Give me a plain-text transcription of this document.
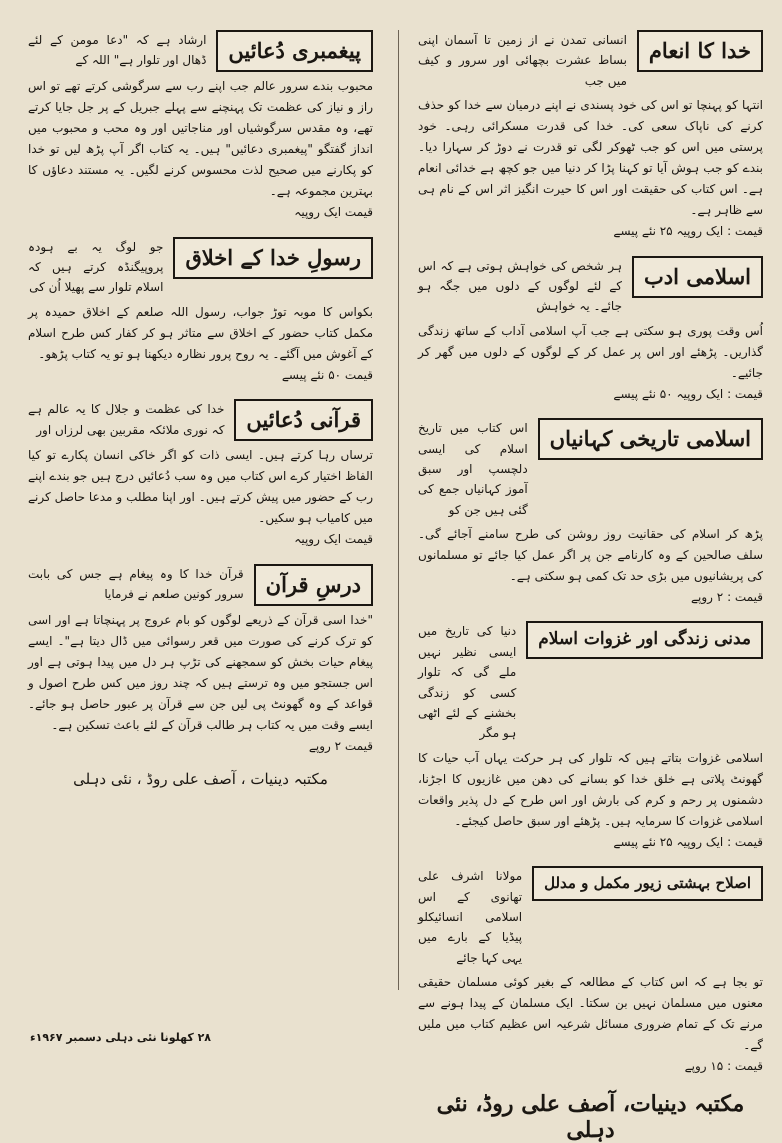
خدا کا انعام
انسانی تمدن نے از زمین تا آسمان اپنی بساط عشرت بچھائی اور سرور و کیف میں جب
انتہا کو پہنچا تو اس کی خود پسندی نے اپنے درمیان سے خدا کو حذف کرنے کی ناپاک سعی کی۔ خدا کی قدرت مسکرائی رہی۔ خود پرستی میں اس کو جب ٹھوکر لگی تو قدرت نے دوڑ کر سہارا دیا۔ بندے کو جب ہوش آیا تو کہنا پڑا کر دنیا میں جو کچھ ہے خدائی انعام ہے۔ اس کتاب کی حقیقت اور اس کا حیرت انگیز اثر اس کے نام ہی سے ظاہر ہے۔
قیمت : ایک روپیہ ۲۵ نئے پیسے
اسلامی ادب
ہر شخص کی خواہش ہوتی ہے کہ اس کے لئے لوگوں کے دلوں میں جگہ ہو جائے۔ یہ خواہش
اُس وقت پوری ہو سکتی ہے جب آپ اسلامی آداب کے ساتھ زندگی گذاریں۔ پڑھئے اور اس پر عمل کر کے لوگوں کے دلوں میں گھر کر جائیے۔
قیمت : ایک روپیہ ۵۰ نئے پیسے
اسلامی تاریخی کہانیاں
اس کتاب میں تاریخ اسلام کی ایسی دلچسپ اور سبق آموز کہانیاں جمع کی گئی ہیں جن کو
پڑھ کر اسلام کی حقانیت روز روشن کی طرح سامنے آجائے گی۔ سلف صالحین کے وہ کارنامے جن پر اگر عمل کیا جائے تو مسلمانوں کی پریشانیوں میں بڑی حد تک کمی ہو سکتی ہے۔
قیمت : ۲ روپے
مدنی زندگی اور غزوات اسلام
دنیا کی تاریخ میں ایسی نظیر نہیں ملے گی کہ تلوار کسی کو زندگی بخشنے کے لئے اٹھی ہو مگر
اسلامی غزوات بتاتے ہیں کہ تلوار کی ہر حرکت یہاں آب حیات کا گھونٹ پلاتی ہے خلق خدا کو بسانے کی دھن میں غازیوں کا اجڑنا، دشمنوں پر رحم و کرم کی بارش اور اس طرح کے دل پذیر واقعات اسلامی غزوات کا سرمایہ ہیں۔ پڑھئے اور سبق حاصل کیجئے۔
قیمت : ایک روپیہ ۲۵ نئے پیسے
اصلاح بہشتی زیور مکمل و مدلل
مولانا اشرف علی تھانوی کے اس اسلامی انسائیکلو پیڈیا کے بارے میں یہی کہا جائے
تو بجا ہے کہ اس کتاب کے مطالعہ کے بغیر کوئی مسلمان حقیقی معنوں میں مسلمان نہیں بن سکتا۔ ایک مسلمان کے پیدا ہونے سے مرنے تک کے تمام ضروری مسائل شرعیہ اس عظیم کتاب میں ملیں گے۔
قیمت : ۱۵ روپے
مکتبہ دینیات، آصف علی روڈ، نئی دہلی
پیغمبری دُعائیں
ارشاد ہے کہ "دعا مومن کے لئے ڈھال اور تلوار ہے" اللہ کے
محبوب بندے سرور عالم جب اپنے رب سے سرگوشی کرتے تھے تو اس راز و نیاز کی عظمت تک پہنچنے سے پہلے جبریل کے پر جل جایا کرتے تھے، وہ مقدس سرگوشیاں اور مناجاتیں اور وہ محب و محبوب میں انداز گفتگو "پیغمبری دعائیں" ہیں۔ یہ کتاب اگر آپ پڑھ لیں تو خدا کو پکارنے میں صحیح لذت محسوس کرنے لگیں۔ یہ مستند دعاؤں کا بہترین مجموعہ ہے۔
قیمت ایک روپیہ
رسولِ خدا کے اخلاق
جو لوگ یہ بے ہودہ پروپیگنڈہ کرتے ہیں کہ اسلام تلوار سے پھیلا اُن کی
بکواس کا موبہ توڑ جواب، رسول اللہ صلعم کے اخلاق حمیدہ پر مکمل کتاب حضور کے اخلاق سے متاثر ہو کر کفار کس طرح اسلام کے آغوش میں آگئے۔ یہ روح پرور نظارہ دیکھنا ہو تو یہ کتاب پڑھو۔
قیمت ۵۰ نئے پیسے
قرآنی دُعائیں
خدا کی عظمت و جلال کا یہ عالم ہے کہ نوری ملائکہ مقربین بھی لرزاں اور
ترساں رہا کرتے ہیں۔ ایسی ذات کو اگر خاکی انسان پکارے تو کیا الفاظ اختیار کرے اس کتاب میں وہ سب دُعائیں درج ہیں جو بندے اپنے رب کے حضور میں پیش کرتے ہیں۔ اور اپنا مطلب و مدعا حاصل کرنے میں کامیاب ہو سکیں۔
قیمت ایک روپیہ
درسِ قرآن
قرآن خدا کا وہ پیغام ہے جس کی بابت سرور کونین صلعم نے فرمایا
"خدا اسی قرآن کے ذریعے لوگوں کو بام عروج پر پہنچاتا ہے اور اسی کو ترک کرنے کی صورت میں قعر رسوائی میں ڈال دیتا ہے"۔ ایسے پیغام حیات بخش کو سمجھنے کی تڑپ ہر دل میں پیدا ہوتی ہے اور اس جستجو میں وہ ترستے ہیں کہ چند روز میں کس طرح اصول و قواعد کے وہ گھونٹ پی لیں جن سے قرآن پر عبور حاصل ہو جائے۔ ایسے وقت میں یہ کتاب ہر طالب قرآن کے لئے باعث تسکین ہے۔
قیمت ۲ روپے
مکتبہ دینیات ، آصف علی روڈ ، نئی دہلی
۲۸ کھلونا نئی دہلی دسمبر ۱۹۶۷ء
